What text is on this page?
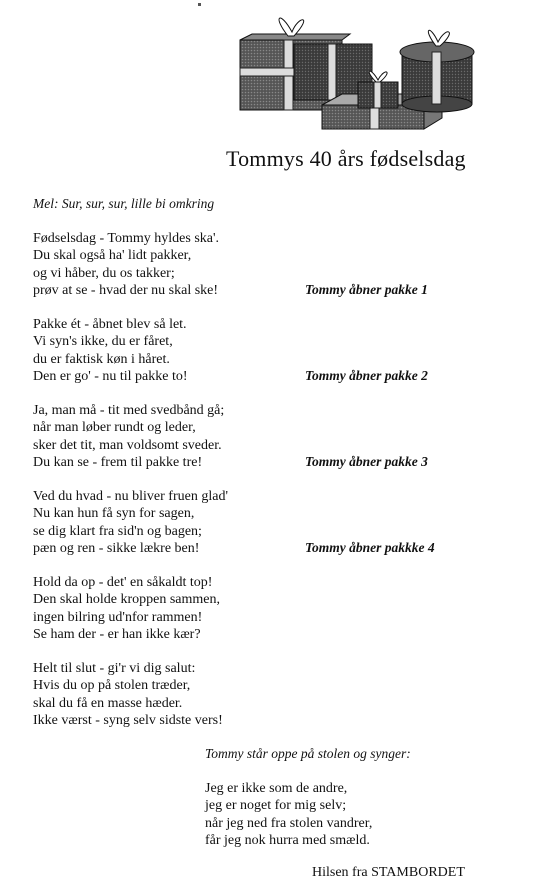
Tommys 40 års fødselsdag
Mel: Sur, sur, sur, lille bi omkring
Fødselsdag - Tommy hyldes ska'.
Du skal også ha' lidt pakker,
og vi håber, du os takker;
prøv at se - hvad der nu skal ske!	Tommy åbner pakke 1
Pakke ét - åbnet blev så let.
Vi syn's ikke, du er fåret,
du er faktisk køn i håret.
Den er go' - nu til pakke to!	Tommy åbner pakke 2
Ja, man må - tit med svedbånd gå;
når man løber rundt og leder,
sker det tit, man voldsomt sveder.
Du kan se - frem til pakke tre!	Tommy åbner pakke 3
Ved du hvad - nu bliver fruen glad'
Nu kan hun få syn for sagen,
se dig klart fra sid'n og bagen;
pæn og ren - sikke lækre ben!	Tommy åbner pakkke 4
Hold da op - det' en såkaldt top!
Den skal holde kroppen sammen,
ingen bilring ud'nfor rammen!
Se ham der - er han ikke kær?
Helt til slut - gi'r vi dig salut:
Hvis du op på stolen træder,
skal du få en masse hæder.
Ikke værst - syng selv sidste vers!
Tommy står oppe på stolen og synger:
Jeg er ikke som de andre,
jeg er noget for mig selv;
når jeg ned fra stolen vandrer,
får jeg nok hurra med smæld.
Hilsen fra STAMBORDET
